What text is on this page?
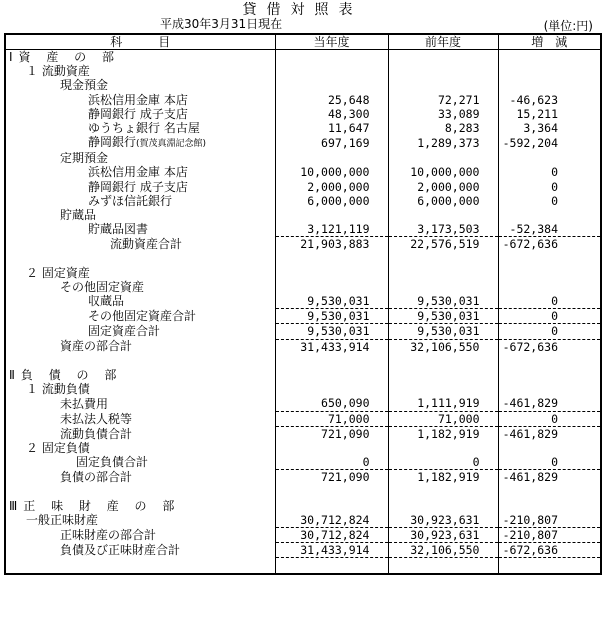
貸借対照表
平成30年3月31日現在	(単位:円)
科　　　目	当年度	前年度	増　減
Ⅰ資 産 の 部			
１ 流動資産			
現金預金			
浜松信用金庫 本店	25,648	72,271	-46,623
静岡銀行 成子支店	48,300	33,089	15,211
ゆうちょ銀行 名古屋	11,647	8,283	3,364
静岡銀行(賀茂真淵記念館)	697,169	1,289,373	-592,204
定期預金			
浜松信用金庫 本店	10,000,000	10,000,000	0
静岡銀行 成子支店	2,000,000	2,000,000	0
みずほ信託銀行	6,000,000	6,000,000	0
貯蔵品			
貯蔵品図書	3,121,119	3,173,503	-52,384
流動資産合計	21,903,883	22,576,519	-672,636

２ 固定資産			
その他固定資産			
収蔵品	9,530,031	9,530,031	0
その他固定資産合計	9,530,031	9,530,031	0
固定資産合計	9,530,031	9,530,031	0
資産の部合計	31,433,914	32,106,550	-672,636

Ⅱ負 債 の 部			
１ 流動負債			
未払費用	650,090	1,111,919	-461,829
未払法人税等	71,000	71,000	0
流動負債合計	721,090	1,182,919	-461,829
２ 固定負債			
固定負債合計	0	0	0
負債の部合計	721,090	1,182,919	-461,829

Ⅲ正 味 財 産 の 部			
一般正味財産	30,712,824	30,923,631	-210,807
正味財産の部合計	30,712,824	30,923,631	-210,807
負債及び正味財産合計	31,433,914	32,106,550	-672,636
